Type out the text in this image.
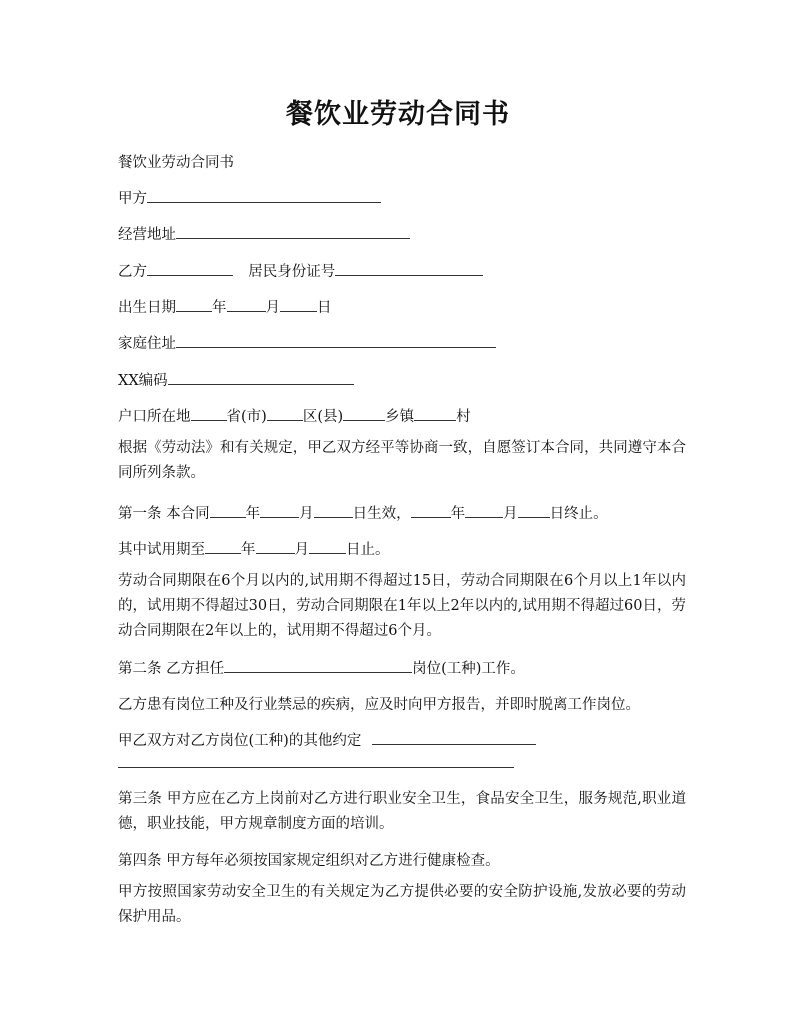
餐饮业劳动合同书
餐饮业劳动合同书
甲方
经营地址
乙方	居民身份证号
出生日期 年	月	日
家庭住址
XX编码
户口所在地 省(市) 区(县)	乡镇	村
根据《劳动法》和有关规定，甲乙双方经平等协商一致，自愿签订本合同，共同遵守本合同所列条款。
第一条 本合同 年	月	日生效，	年	月 日终止。
其中试用期至 年	月	日止。
劳动合同期限在6个月以内的,试用期不得超过15日，劳动合同期限在6个月以上1年以内的，试用期不得超过30日，劳动合同期限在1年以上2年以内的,试用期不得超过60日，劳动合同期限在2年以上的，试用期不得超过6个月。
第二条 乙方担任	岗位(工种)工作。
乙方患有岗位工种及行业禁忌的疾病，应及时向甲方报告，并即时脱离工作岗位。
甲乙双方对乙方岗位(工种)的其他约定
第三条 甲方应在乙方上岗前对乙方进行职业安全卫生，食品安全卫生，服务规范,职业道德，职业技能，甲方规章制度方面的培训。
第四条 甲方每年必须按国家规定组织对乙方进行健康检查。
甲方按照国家劳动安全卫生的有关规定为乙方提供必要的安全防护设施,发放必要的劳动保护用品。
